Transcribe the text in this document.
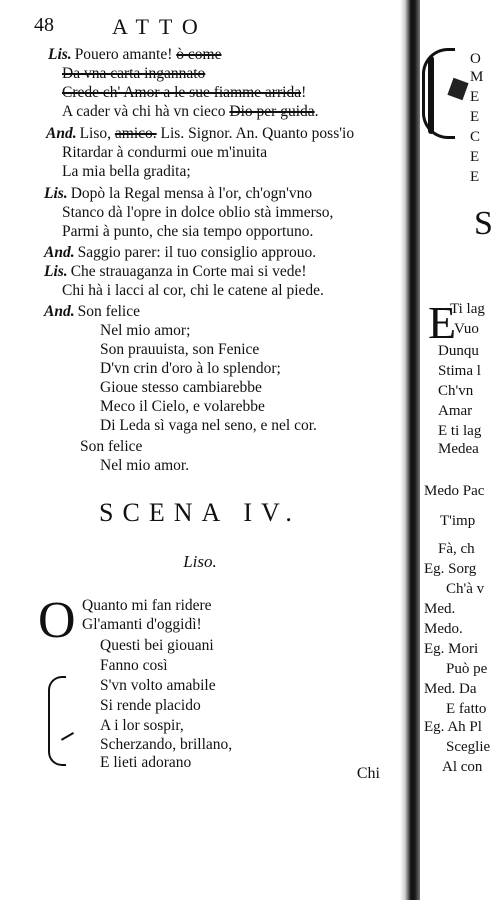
48	ATTO
Lis. Pouero amante! ò come
Da vna carta ingannato
Crede ch' Amor a le sue fiamme arrida!
A cader và chi hà vn cieco Dio per guida.
And. Liso, amico. Lis. Signor. An. Quanto poss'io
Ritardar à condurmi oue m'inuita
La mia bella gradita;
Lis. Dopò la Regal mensa à l'or, ch'ogn'vno
Stanco dà l'opre in dolce oblio stà immerso,
Parmi à punto, che sia tempo opportuno.
And. Saggio parer: il tuo consiglio approuo.
Lis. Che strauaganza in Corte mai si vede!
Chi hà i lacci al cor, chi le catene al piede.
And. Son felice
Nel mio amor;
Son prauuista, son Fenice
D'vn crin d'oro à lo splendor;
Gioue stesso cambiarebbe
Meco il Cielo, e volarebbe
Di Leda sì vaga nel seno, e nel cor.
Son felice
Nel mio amor.
Quanto mi fan ridere
Gl'amanti d'oggidì!
Questi bei giouani
Fanno così
S'vn volto amabile
Si rende placido
A i lor sospir,
Scherzando, brillano,
E lieti adorano
SCENA IV.
Liso.
O
Chi
S
E
O
M
E
E
C
E
E
Ti lag
Vuo
Dunqu
Stima l
Ch'vn
Amar
E ti lag
Medea
Medo Pac
T'imp
Fà, ch
Eg. Sorg
Ch'à v
Med.
Medo.
Eg. Mori
Può pe
Med. Da
E fatto
Eg. Ah Pl
Sceglie
Al con
